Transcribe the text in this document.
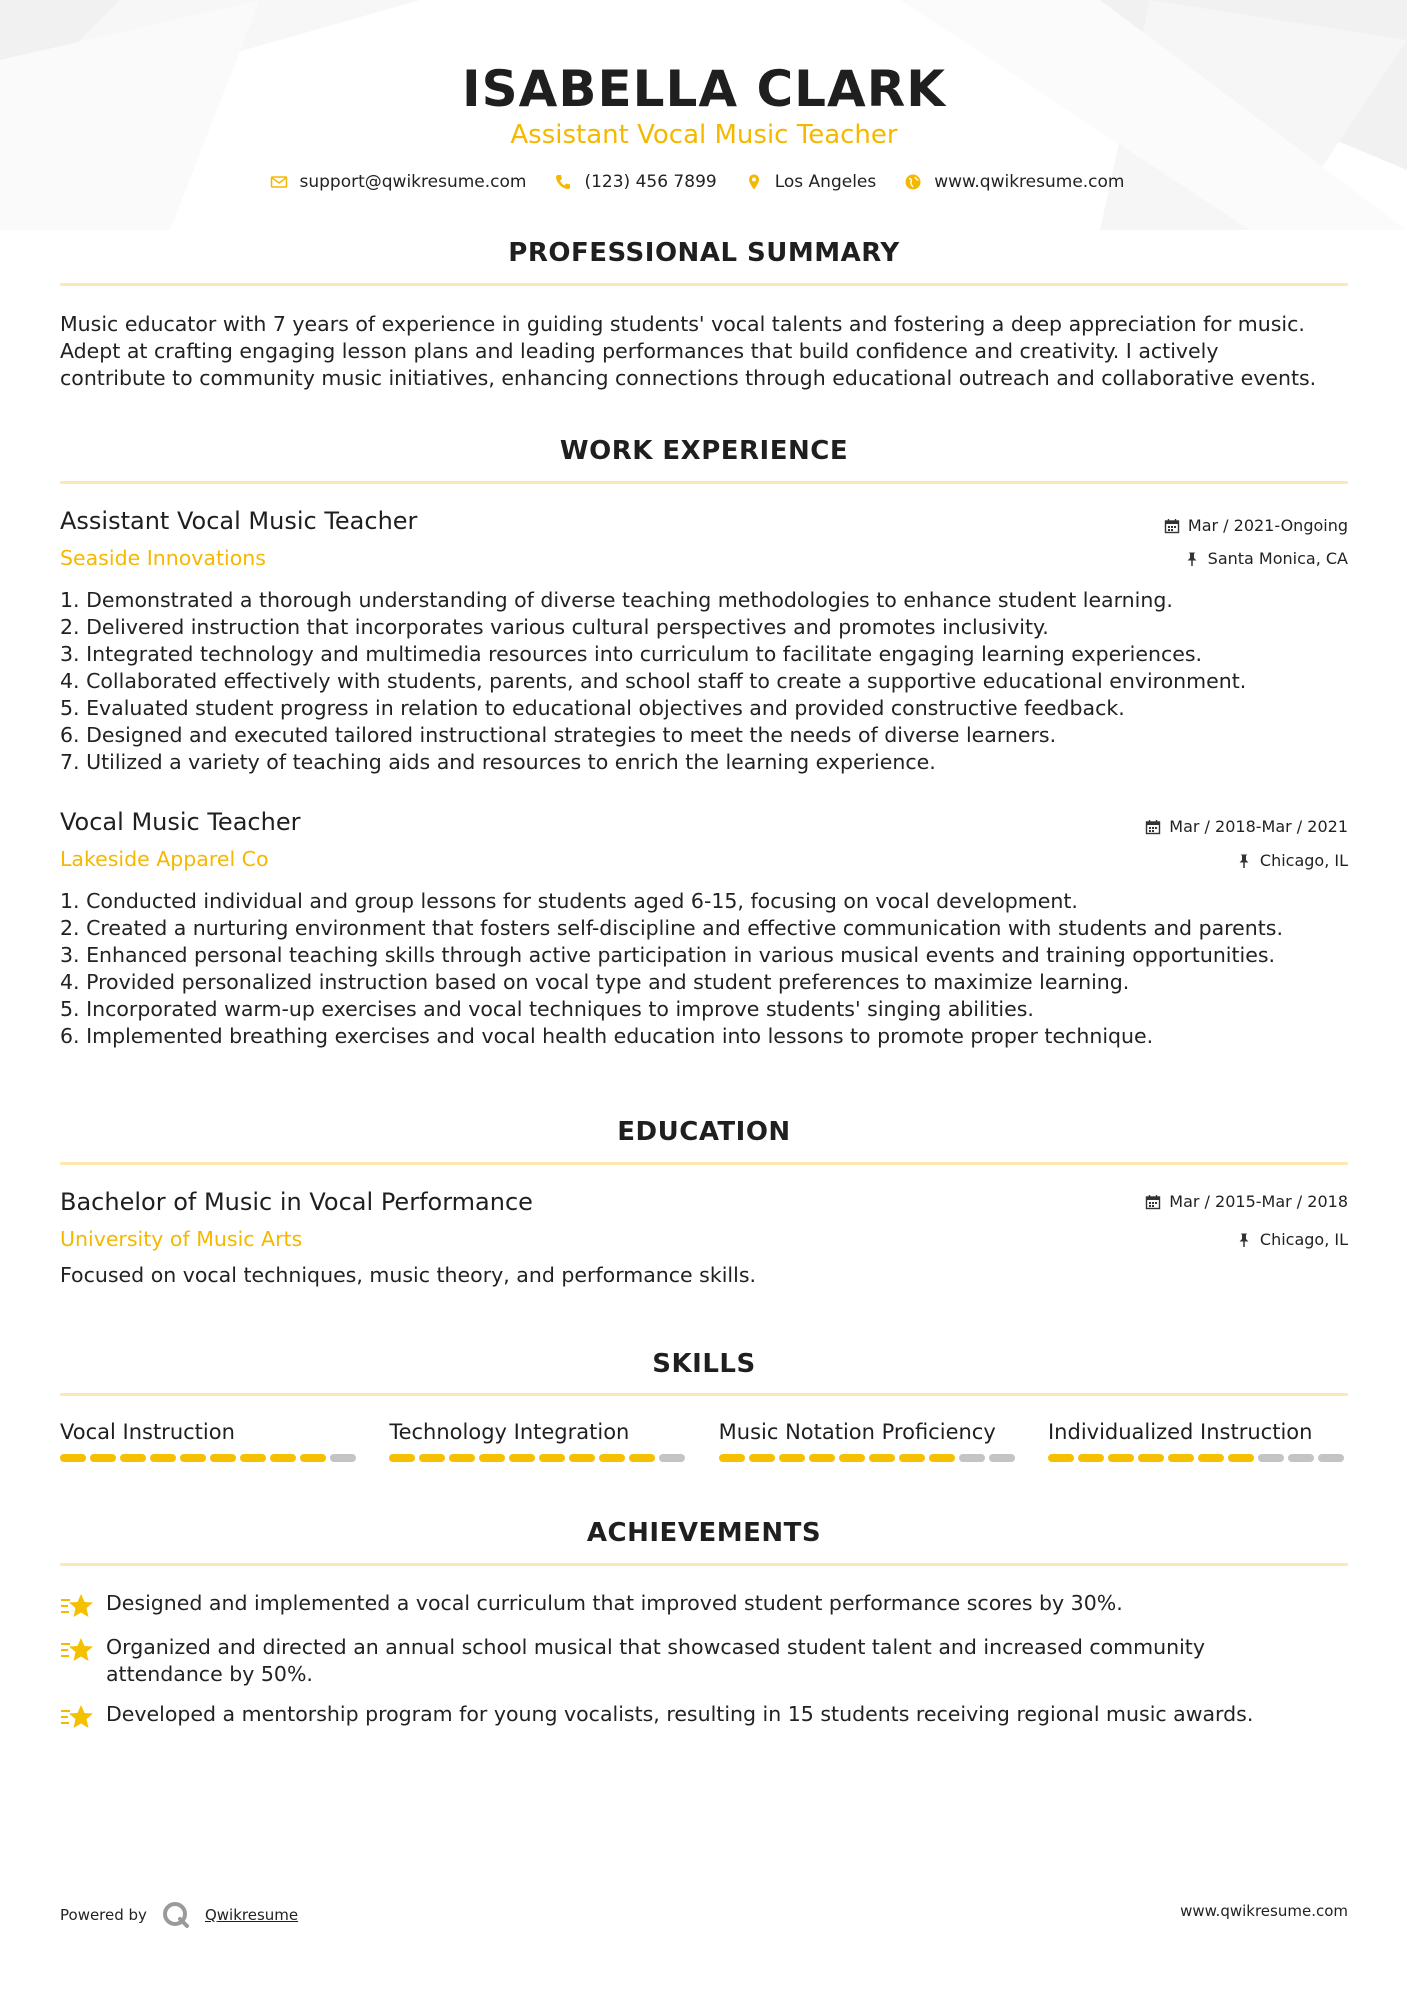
ISABELLA CLARK
Assistant Vocal Music Teacher
support@qwikresume.com	(123) 456 7899	Los Angeles	www.qwikresume.com
PROFESSIONAL SUMMARY
Music educator with 7 years of experience in guiding students' vocal talents and fostering a deep appreciation for music.
Adept at crafting engaging lesson plans and leading performances that build confidence and creativity. I actively
contribute to community music initiatives, enhancing connections through educational outreach and collaborative events.
WORK EXPERIENCE
Assistant Vocal Music Teacher	Mar / 2021-Ongoing
Seaside Innovations	Santa Monica, CA
1. Demonstrated a thorough understanding of diverse teaching methodologies to enhance student learning.
2. Delivered instruction that incorporates various cultural perspectives and promotes inclusivity.
3. Integrated technology and multimedia resources into curriculum to facilitate engaging learning experiences.
4. Collaborated effectively with students, parents, and school staff to create a supportive educational environment.
5. Evaluated student progress in relation to educational objectives and provided constructive feedback.
6. Designed and executed tailored instructional strategies to meet the needs of diverse learners.
7. Utilized a variety of teaching aids and resources to enrich the learning experience.
Vocal Music Teacher	Mar / 2018-Mar / 2021
Lakeside Apparel Co	Chicago, IL
1. Conducted individual and group lessons for students aged 6-15, focusing on vocal development.
2. Created a nurturing environment that fosters self-discipline and effective communication with students and parents.
3. Enhanced personal teaching skills through active participation in various musical events and training opportunities.
4. Provided personalized instruction based on vocal type and student preferences to maximize learning.
5. Incorporated warm-up exercises and vocal techniques to improve students' singing abilities.
6. Implemented breathing exercises and vocal health education into lessons to promote proper technique.
EDUCATION
Bachelor of Music in Vocal Performance	Mar / 2015-Mar / 2018
University of Music Arts	Chicago, IL
Focused on vocal techniques, music theory, and performance skills.
SKILLS
Vocal Instruction	Technology Integration	Music Notation Proficiency	Individualized Instruction
ACHIEVEMENTS
Designed and implemented a vocal curriculum that improved student performance scores by 30%.
Organized and directed an annual school musical that showcased student talent and increased community attendance by 50%.
Developed a mentorship program for young vocalists, resulting in 15 students receiving regional music awards.
Powered by	Qwikresume	www.qwikresume.com
